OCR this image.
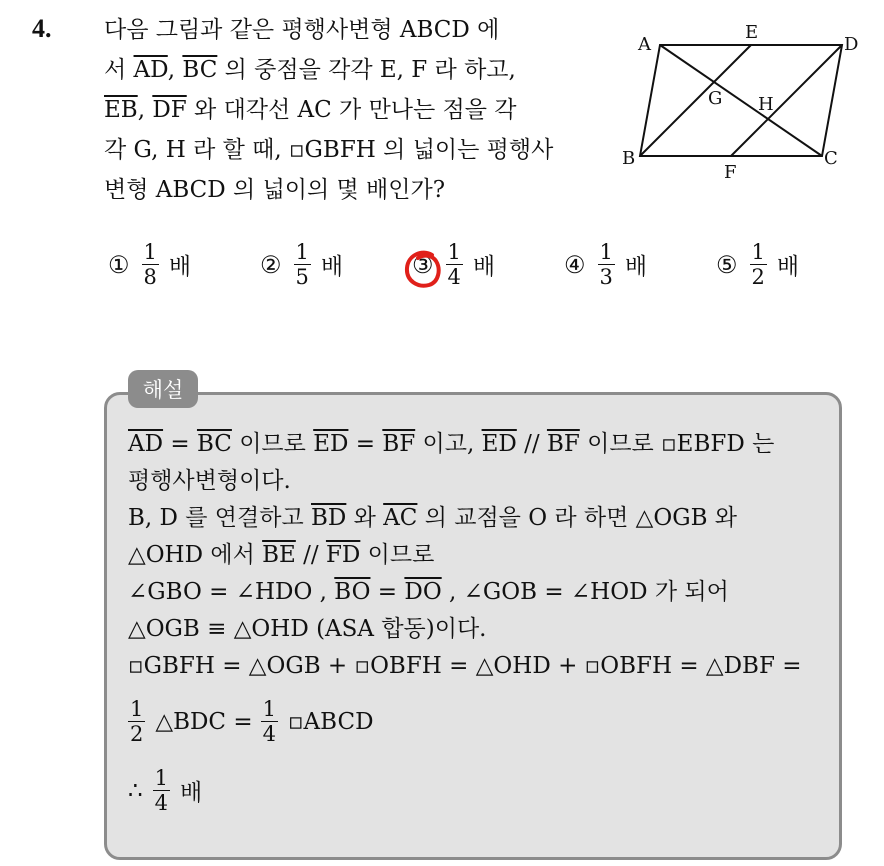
4. 다음 그림과 같은 평행사변형 ABCD 에
서 $\overline{AD}$, $\overline{BC}$ 의 중점을 각각 E, F 라 하고,
$\overline{EB}$, $\overline{DF}$ 와 대각선 AC 가 만나는 점을 각
각 G, H 라 할 때, ▫GBFH 의 넓이는 평행사
변형 ABCD 의 넓이의 몇 배인가?
A
E
D
G H
B
F
C
① $\frac{1}{8}$ 배	② $\frac{1}{5}$ 배	③ $\frac{1}{4}$ 배	④ $\frac{1}{3}$ 배	⑤ $\frac{1}{2}$ 배
해설
$\overline{AD} = \overline{BC}$ 이므로 $\overline{ED} = \overline{BF}$ 이고, $\overline{ED} // \overline{BF}$ 이므로 ▫EBFD 는
평행사변형이다.
B, D 를 연결하고 $\overline{BD}$ 와 $\overline{AC}$ 의 교점을 O 라 하면 △OGB 와
△OHD 에서 $\overline{BE} // \overline{FD}$ 이므로
∠GBO = ∠HDO , $\overline{BO} = \overline{DO}$ , ∠GOB = ∠HOD 가 되어
△OGB ≡ △OHD (ASA 합동)이다.
▫GBFH = △OGB + ▫OBFH = △OHD + ▫OBFH = △DBF =
$\frac{1}{2}$ △BDC = $\frac{1}{4}$ ▫ABCD
∴ $\frac{1}{4}$ 배
